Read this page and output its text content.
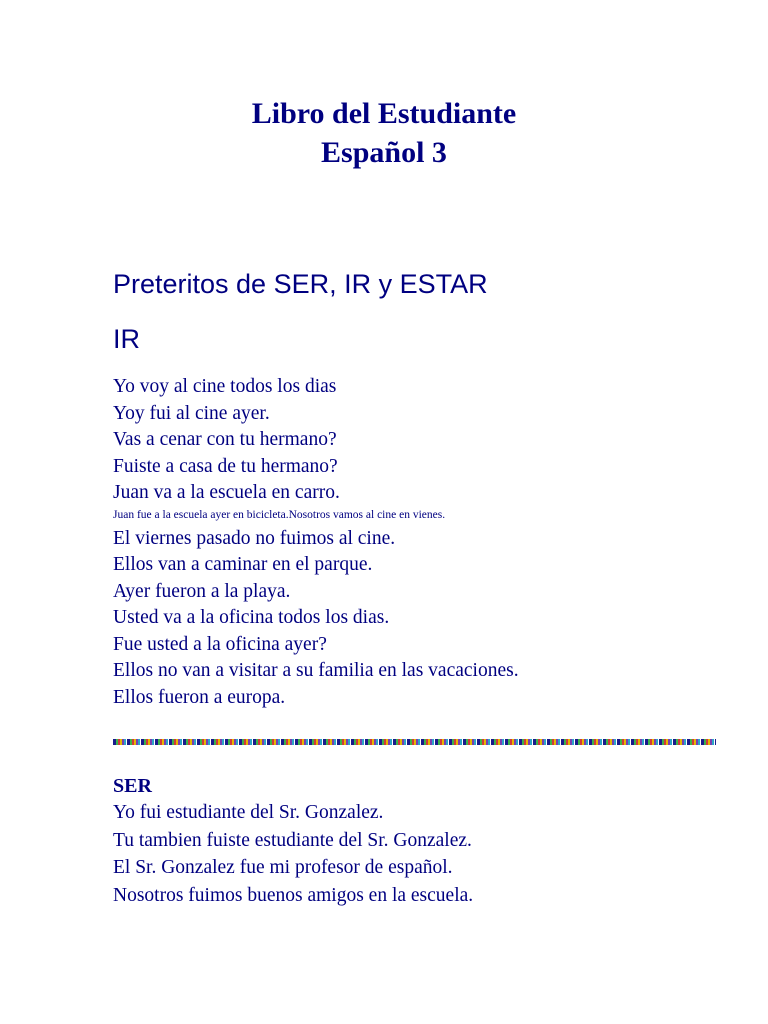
Libro del Estudiante
Español 3
Preteritos de SER, IR y ESTAR
IR
Yo voy al cine todos los dias
Yoy fui al cine ayer.
Vas a cenar con tu hermano?
Fuiste a casa de tu hermano?
Juan va a la escuela en carro.
Juan fue a la escuela ayer en bicicleta.Nosotros vamos al cine en vienes.
El viernes pasado no fuimos al cine.
Ellos van a caminar en el parque.
Ayer fueron a la playa.
Usted va a la oficina todos los dias.
Fue usted a la oficina ayer?
Ellos no van a visitar a su familia en las vacaciones.
Ellos fueron a europa.
SER
Yo fui estudiante del Sr. Gonzalez.
Tu tambien fuiste estudiante del Sr. Gonzalez.
El Sr. Gonzalez fue mi profesor de español.
Nosotros fuimos buenos amigos en la escuela.
